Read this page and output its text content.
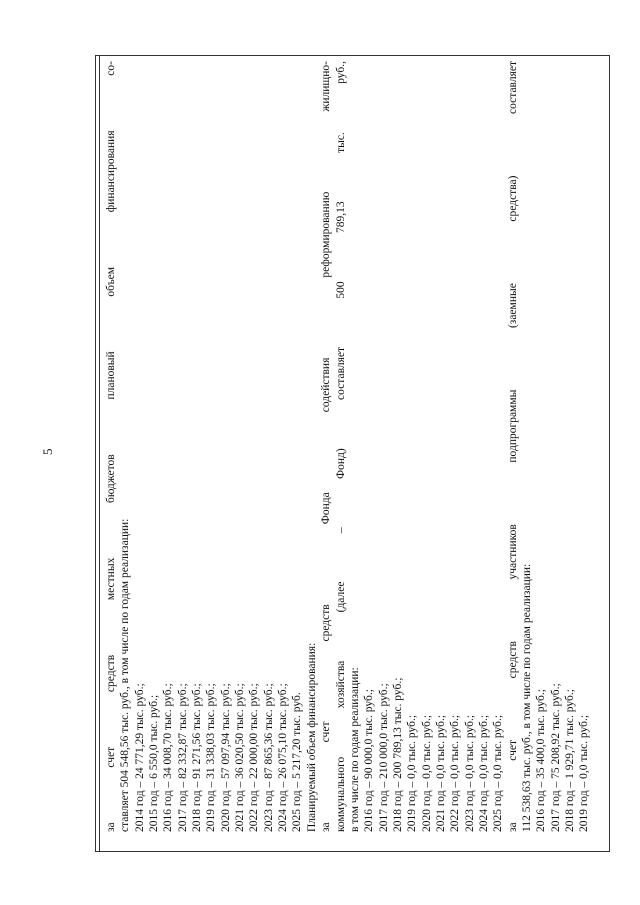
5	за счет средств местных бюджетов плановый объем финансирования со- ставляет 504 548,56 тыс. руб., в том числе по годам реализации: 2014 год – 24 771,29 тыс. руб.; 2015 год – 6 550,0 тыс. руб.; 2016 год – 34 008,70 тыс. руб.; 2017 год – 82 332,87 тыс. руб.; 2018 год – 91 271,56 тыс. руб.; 2019 год – 31 338,03 тыс. руб.; 2020 год – 57 097,94 тыс. руб.; 2021 год – 36 020,50 тыс. руб.; 2022 год – 22 000,00 тыс. руб.; 2023 год – 87 865,36 тыс. руб.; 2024 год – 26 075,10 тыс. руб.; 2025 год – 5 217,20 тыс. руб. Планируемый объем финансирования: за счет средств Фонда содействия реформированию жилищно- коммунального хозяйства (далее – Фонд) составляет 500 789,13 тыс. руб., в том числе по годам реализации: 2016 год – 90 000,0 тыс. руб.; 2017 год – 210 000,0 тыс. руб.; 2018 год – 200 789,13 тыс. руб.; 2019 год – 0,0 тыс. руб.; 2020 год – 0,0 тыс. руб.; 2021 год – 0,0 тыс. руб.; 2022 год – 0,0 тыс. руб.; 2023 год – 0,0 тыс. руб.; 2024 год – 0,0 тыс. руб.; 2025 год – 0,0 тыс. руб.; за счет средств участников подпрограммы (заемные средства) составляет 112 538,63 тыс. руб., в том числе по годам реализации: 2016 год – 35 400,0 тыс. руб.; 2017 год – 75 208,92 тыс. руб.; 2018 год – 1 929,71 тыс. руб.; 2019 год – 0,0 тыс. руб.;
